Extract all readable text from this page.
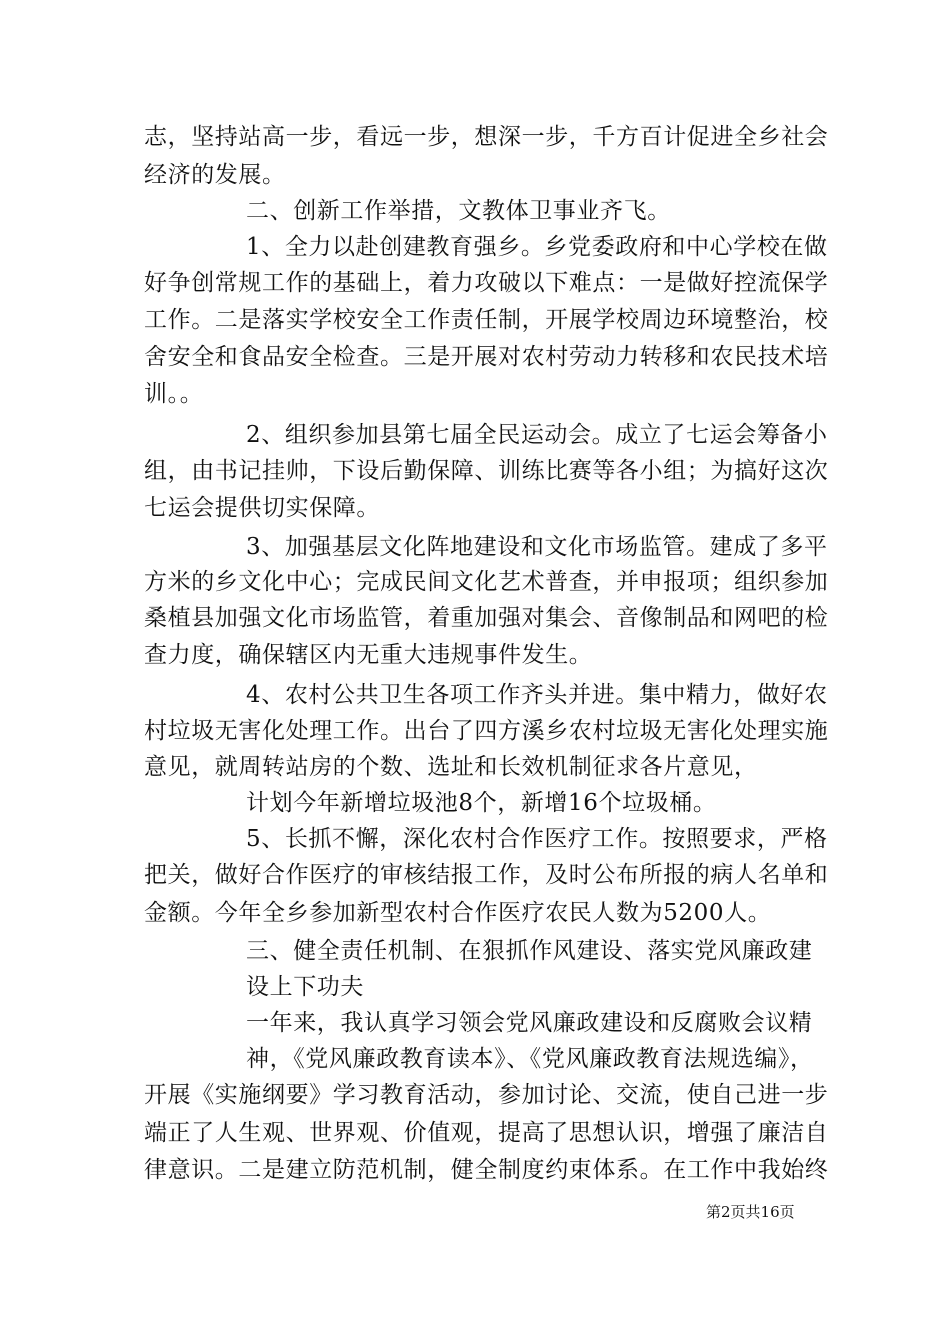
志，坚持站高一步，看远一步，想深一步，千方百计促进全乡社会
经济的发展。
二、创新工作举措，文教体卫事业齐飞。
1、全力以赴创建教育强乡。乡党委政府和中心学校在做
好争创常规工作的基础上，着力攻破以下难点：一是做好控流保学
工作。二是落实学校安全工作责任制，开展学校周边环境整治，校
舍安全和食品安全检查。三是开展对农村劳动力转移和农民技术培
训。。
2、组织参加县第七届全民运动会。成立了七运会筹备小
组，由书记挂帅，下设后勤保障、训练比赛等各小组；为搞好这次
七运会提供切实保障。
3、加强基层文化阵地建设和文化市场监管。建成了多平
方米的乡文化中心；完成民间文化艺术普查，并申报项；组织参加
桑植县加强文化市场监管，着重加强对集会、音像制品和网吧的检
查力度，确保辖区内无重大违规事件发生。
4、农村公共卫生各项工作齐头并进。集中精力，做好农
村垃圾无害化处理工作。出台了四方溪乡农村垃圾无害化处理实施
意见，就周转站房的个数、选址和长效机制征求各片意见，
计划今年新增垃圾池8个，新增16个垃圾桶。
5、长抓不懈，深化农村合作医疗工作。按照要求，严格
把关，做好合作医疗的审核结报工作，及时公布所报的病人名单和
金额。今年全乡参加新型农村合作医疗农民人数为5200人。
三、健全责任机制、在狠抓作风建设、落实党风廉政建
设上下功夫
一年来，我认真学习领会党风廉政建设和反腐败会议精
神，《党风廉政教育读本》、《党风廉政教育法规选编》，
开展《实施纲要》学习教育活动，参加讨论、交流，使自己进一步
端正了人生观、世界观、价值观，提高了思想认识，增强了廉洁自
律意识。二是建立防范机制，健全制度约束体系。在工作中我始终
第2页共16页
